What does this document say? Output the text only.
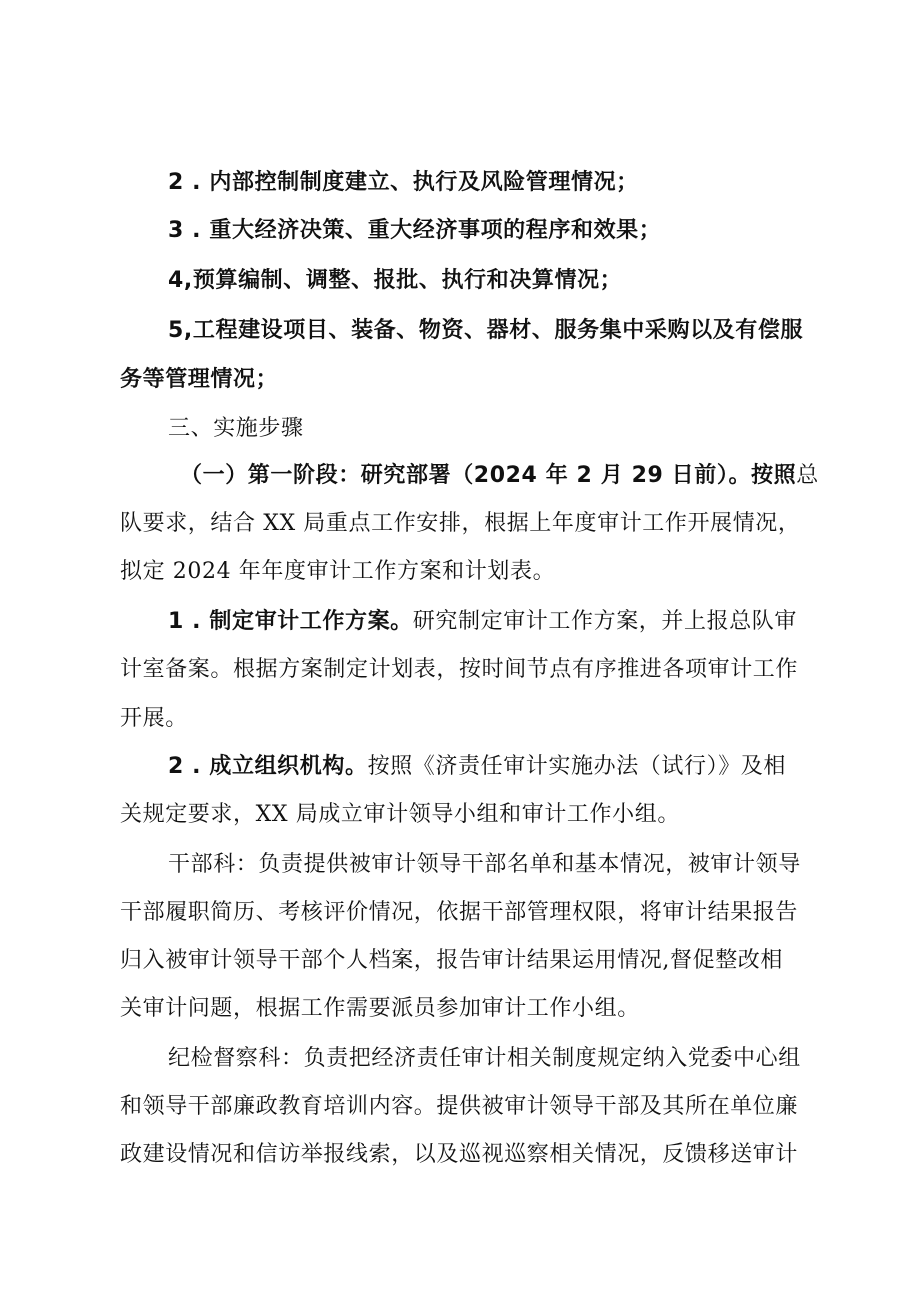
2 . 内部控制制度建立、执行及风险管理情况；
3 . 重大经济决策、重大经济事项的程序和效果；
4,预算编制、调整、报批、执行和决算情况；
5,工程建设项目、装备、物资、器材、服务集中采购以及有偿服
务等管理情况；
三、实施步骤
（一）第一阶段：研究部署（2024 年 2 月 29 日前）。按照总
队要求，结合 XX 局重点工作安排，根据上年度审计工作开展情况，
拟定 2024 年年度审计工作方案和计划表。
1 . 制定审计工作方案。研究制定审计工作方案，并上报总队审
计室备案。根据方案制定计划表，按时间节点有序推进各项审计工作
开展。
2 . 成立组织机构。按照《济责任审计实施办法（试行）》及相
关规定要求，XX 局成立审计领导小组和审计工作小组。
干部科：负责提供被审计领导干部名单和基本情况，被审计领导
干部履职简历、考核评价情况，依据干部管理权限，将审计结果报告
归入被审计领导干部个人档案，报告审计结果运用情况,督促整改相
关审计问题，根据工作需要派员参加审计工作小组。
纪检督察科：负责把经济责任审计相关制度规定纳入党委中心组
和领导干部廉政教育培训内容。提供被审计领导干部及其所在单位廉
政建设情况和信访举报线索，以及巡视巡察相关情况，反馈移送审计
